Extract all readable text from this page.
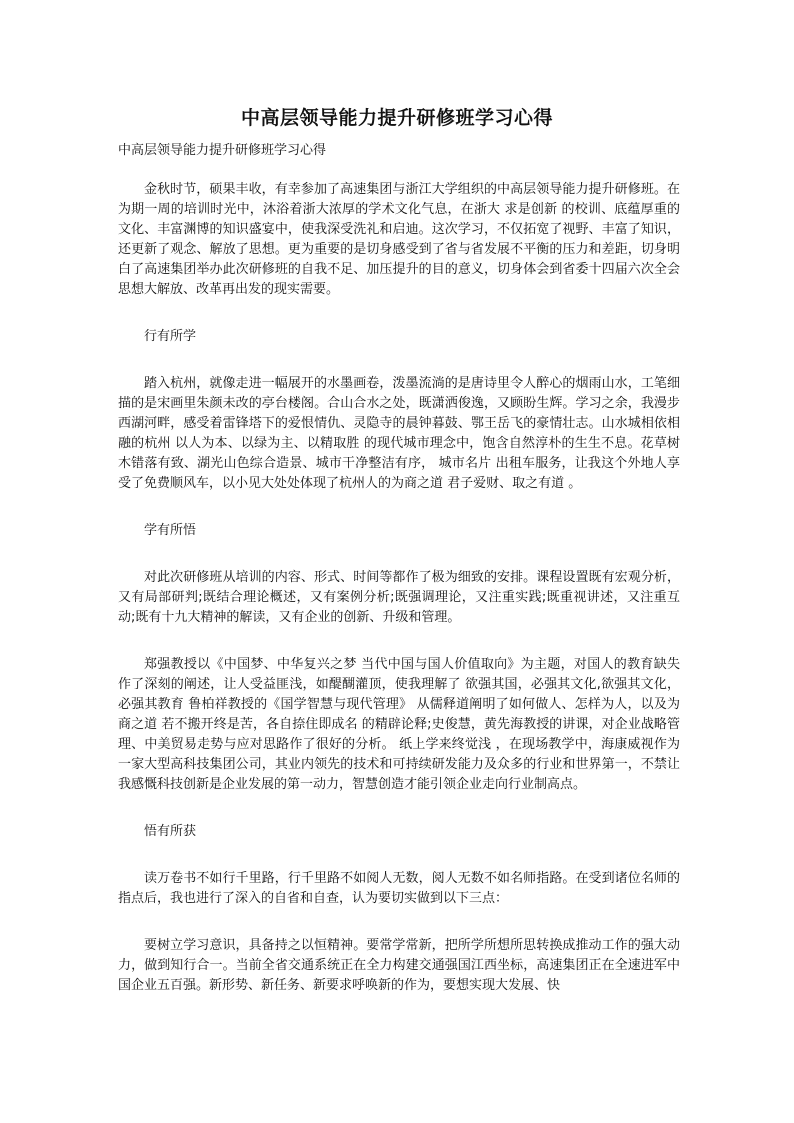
中高层领导能力提升研修班学习心得

中高层领导能力提升研修班学习心得

金秋时节，硕果丰收，有幸参加了高速集团与浙江大学组织的中高层领导能力提升研修班。在为期一周的培训时光中，沐浴着浙大浓厚的学术文化气息，在浙大 求是创新 的校训、底蕴厚重的文化、丰富渊博的知识盛宴中，使我深受洗礼和启迪。这次学习，不仅拓宽了视野、丰富了知识，还更新了观念、解放了思想。更为重要的是切身感受到了省与省发展不平衡的压力和差距，切身明白了高速集团举办此次研修班的自我不足、加压提升的目的意义，切身体会到省委十四届六次全会思想大解放、改革再出发的现实需要。

行有所学

踏入杭州，就像走进一幅展开的水墨画卷，泼墨流淌的是唐诗里令人醉心的烟雨山水，工笔细描的是宋画里朱颜未改的亭台楼阁。合山合水之处，既潇洒俊逸，又顾盼生辉。学习之余，我漫步西湖河畔，感受着雷锋塔下的爱恨情仇、灵隐寺的晨钟暮鼓、鄂王岳飞的豪情壮志。山水城相依相融的杭州 以人为本、以绿为主、以精取胜 的现代城市理念中，饱含自然淳朴的生生不息。花草树木错落有致、湖光山色综合造景、城市干净整洁有序， 城市名片 出租车服务，让我这个外地人享受了免费顺风车，以小见大处处体现了杭州人的为商之道 君子爱财、取之有道 。

学有所悟

对此次研修班从培训的内容、形式、时间等都作了极为细致的安排。课程设置既有宏观分析，又有局部研判;既结合理论概述，又有案例分析;既强调理论，又注重实践;既重视讲述，又注重互动;既有十九大精神的解读，又有企业的创新、升级和管理。

郑强教授以《中国梦、中华复兴之梦 当代中国与国人价值取向》为主题，对国人的教育缺失作了深刻的阐述，让人受益匪浅，如醍醐灌顶，使我理解了 欲强其国，必强其文化,欲强其文化，必强其教育 鲁柏祥教授的《国学智慧与现代管理》 从儒释道阐明了如何做人、怎样为人，以及为商之道 若不搬开终是苦，各自捺住即成名 的精辟论释;史俊慧，黄先海教授的讲课，对企业战略管理、中美贸易走势与应对思路作了很好的分析。 纸上学来终觉浅 ，在现场教学中，海康威视作为一家大型高科技集团公司，其业内领先的技术和可持续研发能力及众多的行业和世界第一，不禁让我感慨科技创新是企业发展的第一动力，智慧创造才能引领企业走向行业制高点。

悟有所获

读万卷书不如行千里路，行千里路不如阅人无数，阅人无数不如名师指路。在受到诸位名师的指点后，我也进行了深入的自省和自查，认为要切实做到以下三点：

要树立学习意识，具备持之以恒精神。要常学常新，把所学所想所思转换成推动工作的强大动力，做到知行合一。当前全省交通系统正在全力构建交通强国江西坐标，高速集团正在全速进军中国企业五百强。新形势、新任务、新要求呼唤新的作为，要想实现大发展、快
